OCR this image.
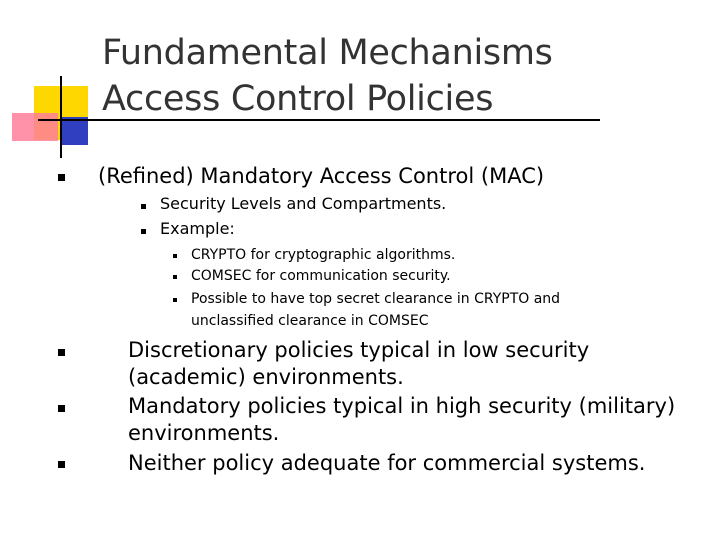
Fundamental Mechanisms
Access Control Policies
(Refined) Mandatory Access Control (MAC)
Security Levels and Compartments.
Example:
CRYPTO for cryptographic algorithms.
COMSEC for communication security.
Possible to have top secret clearance in CRYPTO and
unclassified clearance in COMSEC
Discretionary policies typical in low security
(academic) environments.
Mandatory policies typical in high security (military)
environments.
Neither policy adequate for commercial systems.
